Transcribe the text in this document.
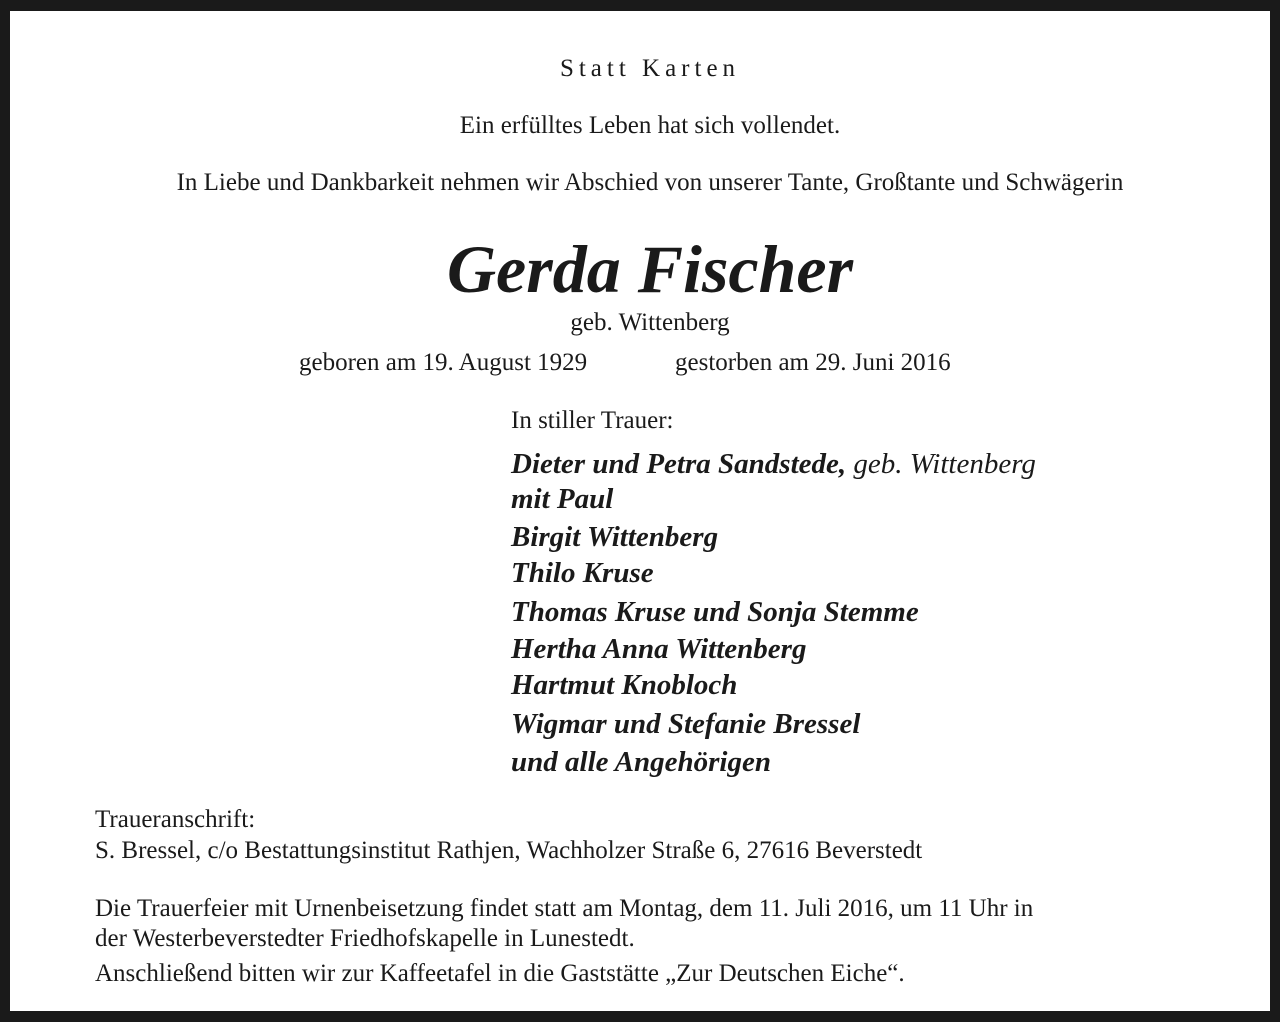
Statt Karten
Ein erfülltes Leben hat sich vollendet.
In Liebe und Dankbarkeit nehmen wir Abschied von unserer Tante, Großtante und Schwägerin
Gerda Fischer
geb. Wittenberg
geboren am 19. August 1929	gestorben am 29. Juni 2016
In stiller Trauer:
Dieter und Petra Sandstede, geb. Wittenberg
mit Paul
Birgit Wittenberg
Thilo Kruse
Thomas Kruse und Sonja Stemme
Hertha Anna Wittenberg
Hartmut Knobloch
Wigmar und Stefanie Bressel
und alle Angehörigen
Traueranschrift:
S. Bressel, c/o Bestattungsinstitut Rathjen, Wachholzer Straße 6, 27616 Beverstedt
Die Trauerfeier mit Urnenbeisetzung findet statt am Montag, dem 11. Juli 2016, um 11 Uhr in
der Westerbeverstedter Friedhofskapelle in Lunestedt.
Anschließend bitten wir zur Kaffeetafel in die Gaststätte „Zur Deutschen Eiche“.
